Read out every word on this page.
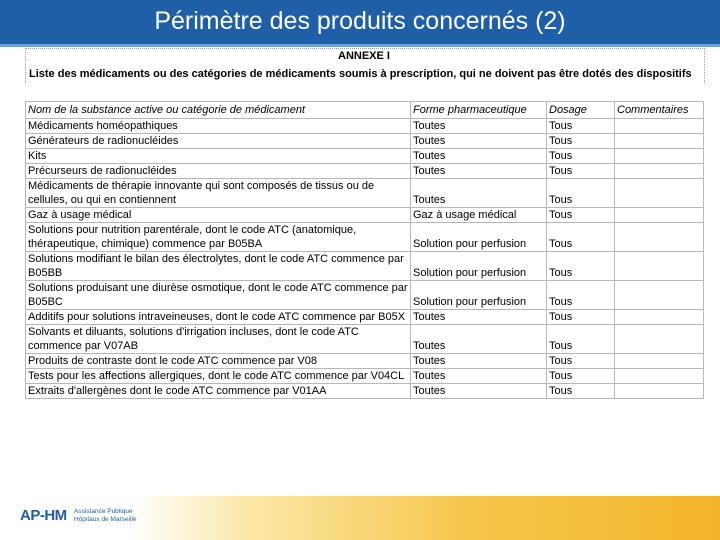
Périmètre des produits concernés (2)
ANNEXE I
Liste des médicaments ou des catégories de médicaments soumis à prescription, qui ne doivent pas être dotés des dispositifs
Nom de la substance active ou catégorie de médicament	Forme pharmaceutique	Dosage	Commentaires
Médicaments homéopathiques	Toutes	Tous	
Générateurs de radionucléides	Toutes	Tous	
Kits	Toutes	Tous	
Précurseurs de radionucléides	Toutes	Tous	
Médicaments de thérapie innovante qui sont composés de tissus ou de cellules, ou qui en contiennent	Toutes	Tous	
Gaz à usage médical	Gaz à usage médical	Tous	
Solutions pour nutrition parentérale, dont le code ATC (anatomique, thérapeutique, chimique) commence par B05BA	Solution pour perfusion	Tous	
Solutions modifiant le bilan des électrolytes, dont le code ATC commence par B05BB	Solution pour perfusion	Tous	
Solutions produisant une diurèse osmotique, dont le code ATC commence par B05BC	Solution pour perfusion	Tous	
Additifs pour solutions intraveineuses, dont le code ATC commence par B05X	Toutes	Tous	
Solvants et diluants, solutions d'irrigation incluses, dont le code ATC commence par V07AB	Toutes	Tous	
Produits de contraste dont le code ATC commence par V08	Toutes	Tous	
Tests pour les affections allergiques, dont le code ATC commence par V04CL	Toutes	Tous	
Extraits d'allergènes dont le code ATC commence par V01AA	Toutes	Tous	
AP-HM Assistance Publique
Hôpitaux de Marseille
